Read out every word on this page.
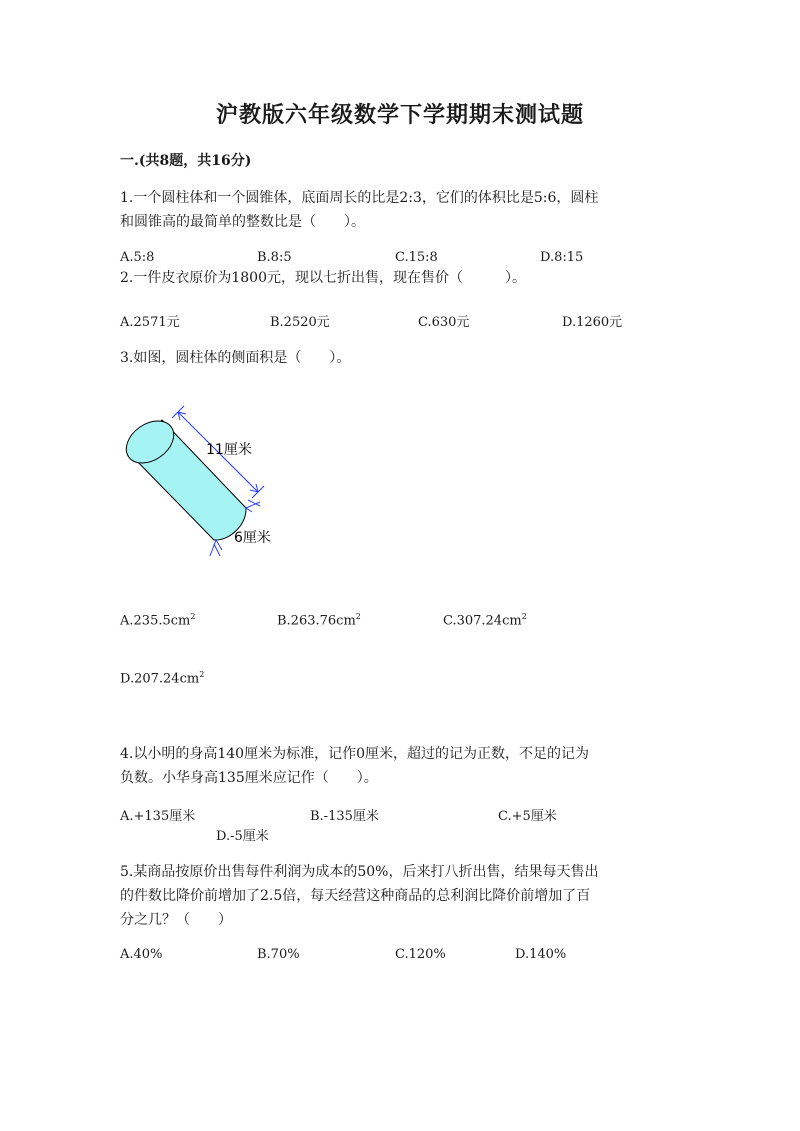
沪教版六年级数学下学期期末测试题
一.(共8题，共16分)
1.一个圆柱体和一个圆锥体，底面周长的比是2:3，它们的体积比是5:6，圆柱
和圆锥高的最简单的整数比是（　　）。
A.5:8	B.8:5	C.15:8	D.8:15
2.一件皮衣原价为1800元，现以七折出售，现在售价（　　　）。
A.2571元	B.2520元	C.630元	D.1260元
3.如图，圆柱体的侧面积是（　　）。
11厘米
6厘米
$A.235.5cm^2$	$B.263.76cm^2$	$C.307.24cm^2$
$D.207.24cm^2$
4.以小明的身高140厘米为标准，记作0厘米，超过的记为正数，不足的记为
负数。小华身高135厘米应记作（　　）。
A.+135厘米	B.-135厘米	C.+5厘米
D.-5厘米
5.某商品按原价出售每件利润为成本的50%，后来打八折出售，结果每天售出
的件数比降价前增加了2.5倍，每天经营这种商品的总利润比降价前增加了百
分之几？（　　）
A.40%	B.70%	C.120%	D.140%
